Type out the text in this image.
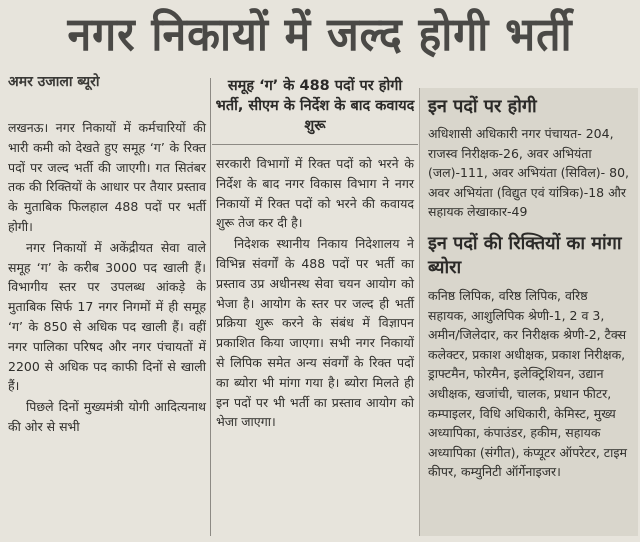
नगर निकायों में जल्द होगी भर्ती
अमर उजाला ब्यूरो

लखनऊ। नगर निकायों में कर्मचारियों की भारी कमी को देखते हुए समूह ‘ग’ के रिक्त पदों पर जल्द भर्ती की जाएगी। गत सितंबर तक की रिक्तियों के आधार पर तैयार प्रस्ताव के मुताबिक फिलहाल 488 पदों पर भर्ती होगी।

नगर निकायों में अकेंद्रीयत सेवा वाले समूह ‘ग’ के करीब 3000 पद खाली हैं। विभागीय स्तर पर उपलब्ध आंकड़े के मुताबिक सिर्फ 17 नगर निगमों में ही समूह ‘ग’ के 850 से अधिक पद खाली हैं। वहीं नगर पालिका परिषद और नगर पंचायतों में 2200 से अधिक पद काफी दिनों से खाली हैं।

पिछले दिनों मुख्यमंत्री योगी आदित्यनाथ की ओर से सभी

समूह ‘ग’ के 488 पदों पर होगी भर्ती, सीएम के निर्देश के बाद कवायद शुरू

सरकारी विभागों में रिक्त पदों को भरने के निर्देश के बाद नगर विकास विभाग ने नगर निकायों में रिक्त पदों को भरने की कवायद शुरू तेज कर दी है।

निदेशक स्थानीय निकाय निदेशालय ने विभिन्न संवर्गों के 488 पदों पर भर्ती का प्रस्ताव उप्र अधीनस्थ सेवा चयन आयोग को भेजा है। आयोग के स्तर पर जल्द ही भर्ती प्रक्रिया शुरू करने के संबंध में विज्ञापन प्रकाशित किया जाएगा। सभी नगर निकायों से लिपिक समेत अन्य संवर्गों के रिक्त पदों का ब्योरा भी मांगा गया है। ब्योरा मिलते ही इन पदों पर भी भर्ती का प्रस्ताव आयोग को भेजा जाएगा।

इन पदों पर होगी
अधिशासी अधिकारी नगर पंचायत- 204, राजस्व निरीक्षक-26, अवर अभियंता (जल)-111, अवर अभियंता (सिविल)- 80, अवर अभियंता (विद्युत एवं यांत्रिक)-18 और सहायक लेखाकार-49
इन पदों की रिक्तियों का मांगा ब्योरा
कनिष्ठ लिपिक, वरिष्ठ लिपिक, वरिष्ठ सहायक, आशुलिपिक श्रेणी-1, 2 व 3, अमीन/जिलेदार, कर निरीक्षक श्रेणी-2, टैक्स कलेक्टर, प्रकाश अधीक्षक, प्रकाश निरीक्षक, ड्राफ्टमैन, फोरमैन, इलेक्ट्रिशियन, उद्यान अधीक्षक, खजांची, चालक, प्रधान फीटर, कम्पाइलर, विधि अधिकारी, केमिस्ट, मुख्य अध्यापिका, कंपाउंडर, हकीम, सहायक अध्यापिका (संगीत), कंप्यूटर ऑपरेटर, टाइम कीपर, कम्युनिटी ऑर्गेनाइजर।
